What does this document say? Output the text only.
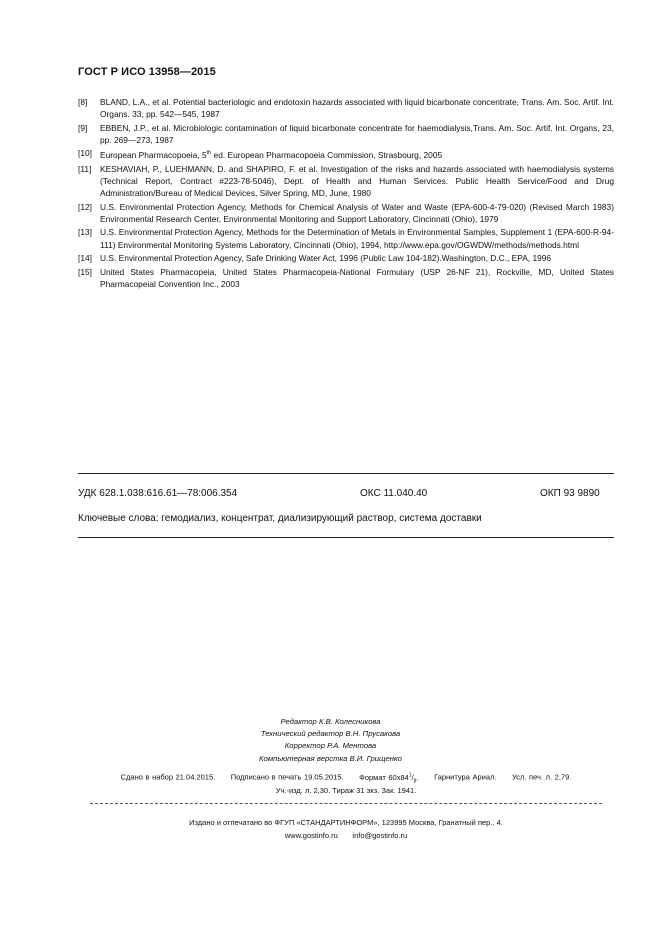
ГОСТ Р ИСО 13958—2015
[8] BLAND, L.A., et al. Potential bacteriologic and endotoxin hazards associated with liquid bicarbonate concentrate, Trans. Am. Soc. Artif. Int. Organs. 33, pp. 542—545, 1987
[9] EBBEN, J.P., et al. Microbiologic contamination of liquid bicarbonate concentrate for haemodialysis,Trans. Am. Soc. Artif. Int. Organs, 23, pp. 269—273, 1987
[10] European Pharmacopoeia, 5th ed. European Pharmacopoeia Commission, Strasbourg, 2005
[11] KESHAVIAH, P., LUEHMANN, D. and SHAPIRO, F. et al. Investigation of the risks and hazards associated with haemodialysis systems (Technical Report, Contract #223-78-5046), Dept. of Health and Human Services. Public Health Service/Food and Drug Administration/Bureau of Medical Devices, Silver Spring, MD, June, 1980
[12] U.S. Environmental Protection Agency, Methods for Chemical Analysis of Water and Waste (EPA-600-4-79-020) (Revised March 1983) Environmental Research Center, Environmental Monitoring and Support Laboratory, Cincinnati (Ohio), 1979
[13] U.S. Environmental Protection Agency, Methods for the Determination of Metals in Environmental Samples, Supplement 1 (EPA-600-R-94-111) Environmental Monitoring Systems Laboratory, Cincinnati (Ohio), 1994, http://www.epa.gov/OGWDW/methods/methods.html
[14] U.S. Environmental Protection Agency, Safe Drinking Water Act, 1996 (Public Law 104-182).Washington, D.C., EPA, 1996
[15] United States Pharmacopeia, United States Pharmacopeia-National Formulary (USP 26-NF 21), Rockville, MD, United States Pharmacopeial Convention Inc., 2003
УДК 628.1.038:616.61—78:006.354	ОКС 11.040.40	ОКП 93 9890
Ключевые слова: гемодиализ, концентрат, диализирующий раствор, система доставки
Редактор К.В. Колесникова
Технический редактор В.Н. Прусакова
Корректор Р.А. Ментова
Компьютерная верстка В.И. Грищенко
Сдано в набор 21.04.2015. Подписано в печать 19.05.2015. Формат $60x84^1/_8$. Гарнитура Ариал. Усл. печ. л. 2,79.
Уч.-изд. л. 2,30. Тираж 31 экз. Зак. 1941.
Издано и отпечатано во ФГУП «СТАНДАРТИНФОРМ», 123995 Москва, Гранатный пер., 4.
www.gostinfo.ru info@gostinfo.ru
